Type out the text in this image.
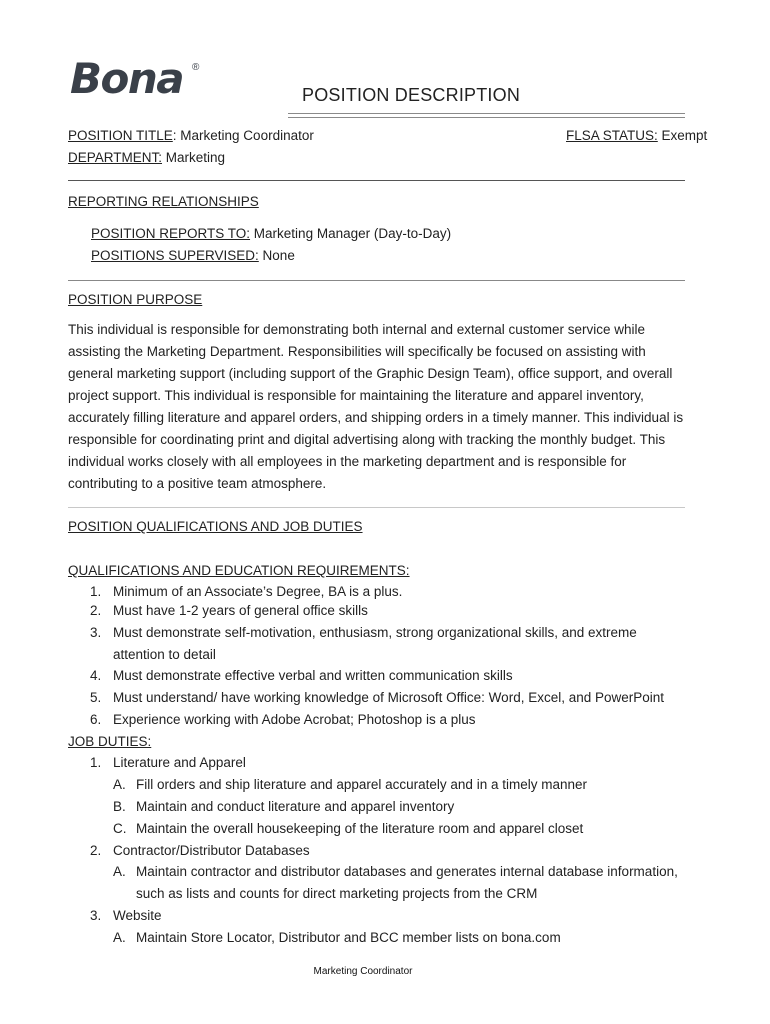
Bona ®
POSITION DESCRIPTION
POSITION TITLE: Marketing Coordinator	FLSA STATUS: Exempt
DEPARTMENT: Marketing
REPORTING RELATIONSHIPS
POSITION REPORTS TO: Marketing Manager (Day-to-Day)
POSITIONS SUPERVISED: None
POSITION PURPOSE

This individual is responsible for demonstrating both internal and external customer service while

assisting the Marketing Department. Responsibilities will specifically be focused on assisting with

general marketing support (including support of the Graphic Design Team), office support, and overall

project support. This individual is responsible for maintaining the literature and apparel inventory,

accurately filling literature and apparel orders, and shipping orders in a timely manner. This individual is

responsible for coordinating print and digital advertising along with tracking the monthly budget. This

individual works closely with all employees in the marketing department and is responsible for

contributing to a positive team atmosphere.

POSITION QUALIFICATIONS AND JOB DUTIES
QUALIFICATIONS AND EDUCATION REQUIREMENTS:
1. Minimum of an Associate’s Degree, BA is a plus.
2. Must have 1-2 years of general office skills
3. Must demonstrate self-motivation, enthusiasm, strong organizational skills, and extreme
attention to detail
4. Must demonstrate effective verbal and written communication skills
5. Must understand/ have working knowledge of Microsoft Office: Word, Excel, and PowerPoint
6. Experience working with Adobe Acrobat; Photoshop is a plus
JOB DUTIES:
1. Literature and Apparel
A. Fill orders and ship literature and apparel accurately and in a timely manner
B. Maintain and conduct literature and apparel inventory
C. Maintain the overall housekeeping of the literature room and apparel closet
2. Contractor/Distributor Databases
A. Maintain contractor and distributor databases and generates internal database information,
such as lists and counts for direct marketing projects from the CRM
3. Website
A. Maintain Store Locator, Distributor and BCC member lists on bona.com
Marketing Coordinator
